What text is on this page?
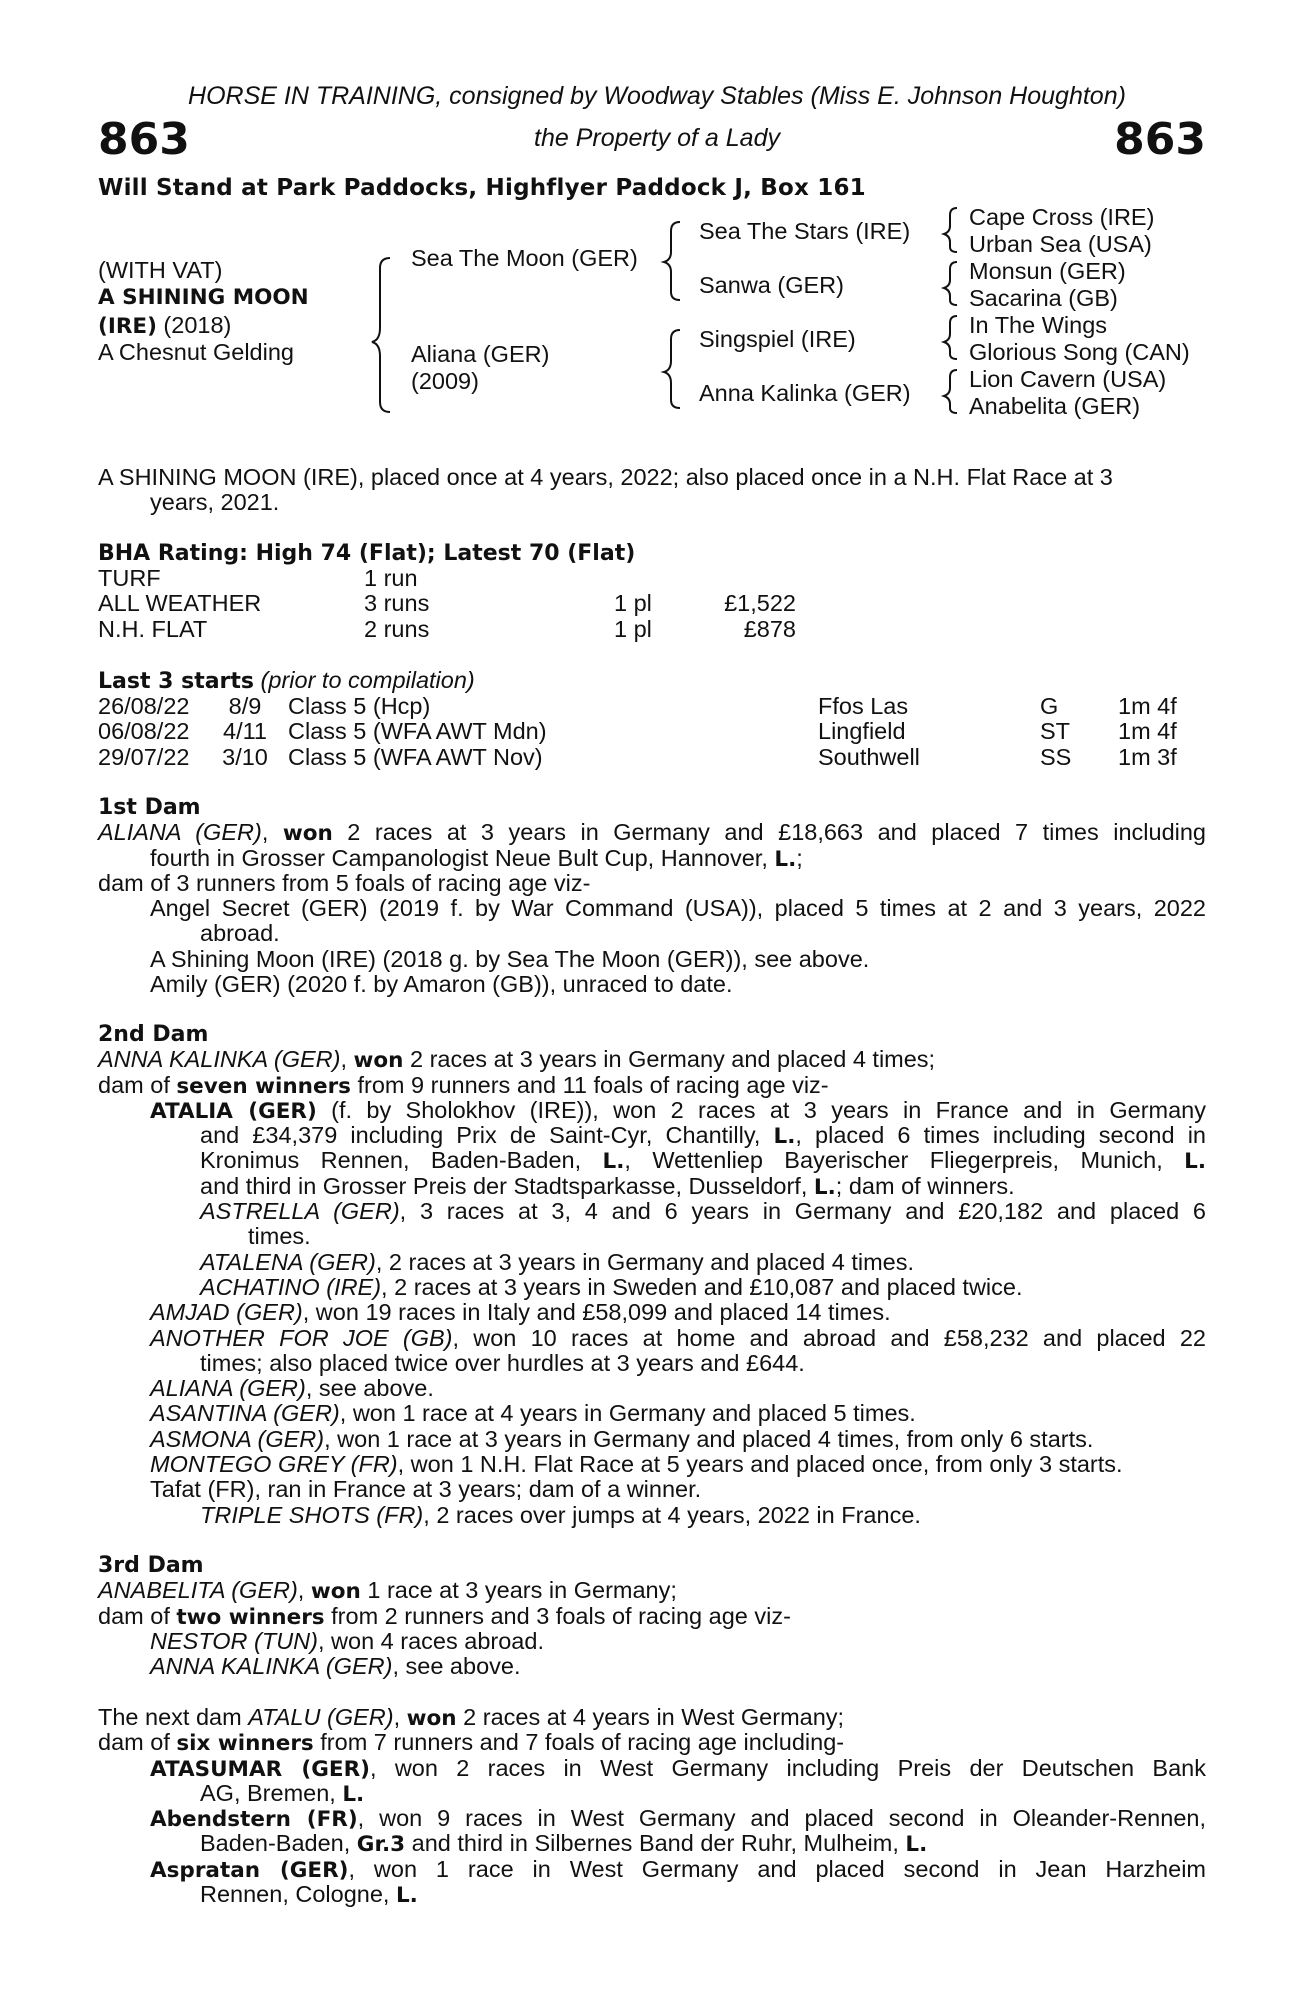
HORSE IN TRAINING, consigned by Woodway Stables (Miss E. Johnson Houghton)
863	the Property of a Lady	863
Will Stand at Park Paddocks, Highflyer Paddock J, Box 161
(WITH VAT)
A SHINING MOON
(IRE) (2018)
A Chesnut Gelding
Sea The Moon (GER)
Aliana (GER)
(2009)
Sea The Stars (IRE)
Sanwa (GER)
Singspiel (IRE)
Anna Kalinka (GER)
Cape Cross (IRE)
Urban Sea (USA)
Monsun (GER)
Sacarina (GB)
In The Wings
Glorious Song (CAN)
Lion Cavern (USA)
Anabelita (GER)
A SHINING MOON (IRE), placed once at 4 years, 2022; also placed once in a N.H. Flat Race at 3
years, 2021.
BHA Rating: High 74 (Flat); Latest 70 (Flat)
TURF	1 run		
ALL WEATHER	3 runs	1 pl	£1,522
N.H. FLAT	2 runs	1 pl	£878
Last 3 starts (prior to compilation)
26/08/22	8/9	Class 5 (Hcp)	Ffos Las	G	1m 4f
06/08/22	4/11	Class 5 (WFA AWT Mdn)	Lingfield	ST	1m 4f
29/07/22	3/10	Class 5 (WFA AWT Nov)	Southwell	SS	1m 3f
1st Dam
ALIANA (GER), won 2 races at 3 years in Germany and £18,663 and placed 7 times including
fourth in Grosser Campanologist Neue Bult Cup, Hannover, L.;
dam of 3 runners from 5 foals of racing age viz-
Angel Secret (GER) (2019 f. by War Command (USA)), placed 5 times at 2 and 3 years, 2022
abroad.
A Shining Moon (IRE) (2018 g. by Sea The Moon (GER)), see above.
Amily (GER) (2020 f. by Amaron (GB)), unraced to date.
2nd Dam
ANNA KALINKA (GER), won 2 races at 3 years in Germany and placed 4 times;
dam of seven winners from 9 runners and 11 foals of racing age viz-
ATALIA (GER) (f. by Sholokhov (IRE)), won 2 races at 3 years in France and in Germany
and £34,379 including Prix de Saint-Cyr, Chantilly, L., placed 6 times including second in
Kronimus Rennen, Baden-Baden, L., Wettenliep Bayerischer Fliegerpreis, Munich, L.
and third in Grosser Preis der Stadtsparkasse, Dusseldorf, L.; dam of winners.
ASTRELLA (GER), 3 races at 3, 4 and 6 years in Germany and £20,182 and placed 6
times.
ATALENA (GER), 2 races at 3 years in Germany and placed 4 times.
ACHATINO (IRE), 2 races at 3 years in Sweden and £10,087 and placed twice.
AMJAD (GER), won 19 races in Italy and £58,099 and placed 14 times.
ANOTHER FOR JOE (GB), won 10 races at home and abroad and £58,232 and placed 22
times; also placed twice over hurdles at 3 years and £644.
ALIANA (GER), see above.
ASANTINA (GER), won 1 race at 4 years in Germany and placed 5 times.
ASMONA (GER), won 1 race at 3 years in Germany and placed 4 times, from only 6 starts.
MONTEGO GREY (FR), won 1 N.H. Flat Race at 5 years and placed once, from only 3 starts.
Tafat (FR), ran in France at 3 years; dam of a winner.
TRIPLE SHOTS (FR), 2 races over jumps at 4 years, 2022 in France.
3rd Dam
ANABELITA (GER), won 1 race at 3 years in Germany;
dam of two winners from 2 runners and 3 foals of racing age viz-
NESTOR (TUN), won 4 races abroad.
ANNA KALINKA (GER), see above.
The next dam ATALU (GER), won 2 races at 4 years in West Germany;
dam of six winners from 7 runners and 7 foals of racing age including-
ATASUMAR (GER), won 2 races in West Germany including Preis der Deutschen Bank
AG, Bremen, L.
Abendstern (FR), won 9 races in West Germany and placed second in Oleander-Rennen,
Baden-Baden, Gr.3 and third in Silbernes Band der Ruhr, Mulheim, L.
Aspratan (GER), won 1 race in West Germany and placed second in Jean Harzheim
Rennen, Cologne, L.
